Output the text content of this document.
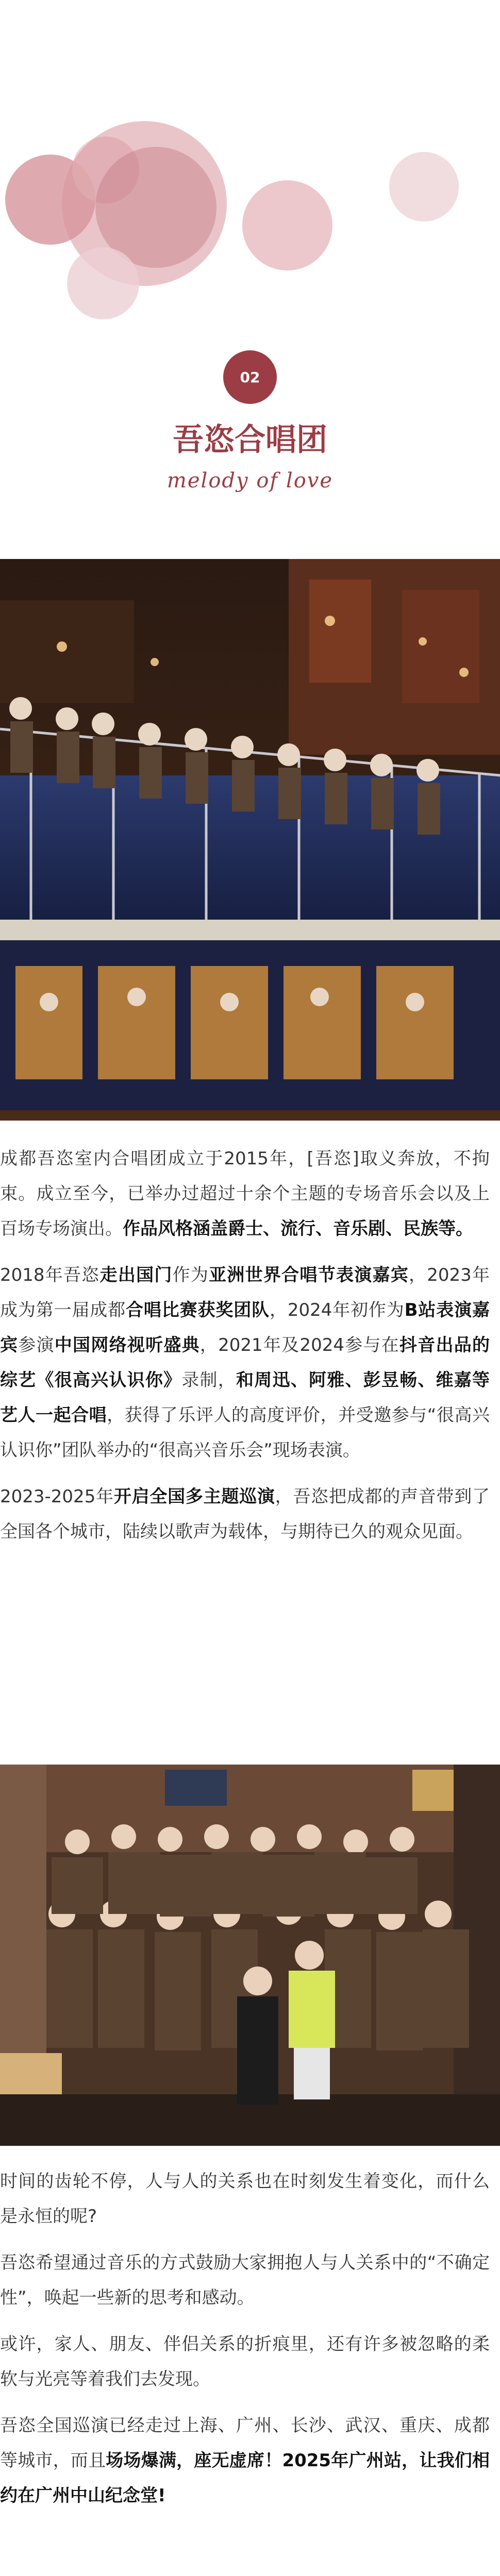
02
吾恣合唱团
melody of love

成都吾恣室内合唱团成立于2015年，[吾恣]取义奔放，不拘束。成立至今，已举办过超过十余个主题的专场音乐会以及上百场专场演出。作品风格涵盖爵士、流行、音乐剧、民族等。

2018年吾恣走出国门作为亚洲世界合唱节表演嘉宾，2023年成为第一届成都合唱比赛获奖团队，2024年初作为B站表演嘉宾参演中国网络视听盛典，2021年及2024参与在抖音出品的综艺《很高兴认识你》录制，和周迅、阿雅、彭昱畅、维嘉等艺人一起合唱，获得了乐评人的高度评价，并受邀参与“很高兴认识你”团队举办的“很高兴音乐会”现场表演。

2023-2025年开启全国多主题巡演，吾恣把成都的声音带到了全国各个城市，陆续以歌声为载体，与期待已久的观众见面。

时间的齿轮不停，人与人的关系也在时刻发生着变化，而什么是永恒的呢?

吾恣希望通过音乐的方式鼓励大家拥抱人与人关系中的“不确定性”，唤起一些新的思考和感动。

或许，家人、朋友、伴侣关系的折痕里，还有许多被忽略的柔软与光亮等着我们去发现。

吾恣全国巡演已经走过上海、广州、长沙、武汉、重庆、成都等城市，而且场场爆满，座无虚席！2025年广州站，让我们相约在广州中山纪念堂!
